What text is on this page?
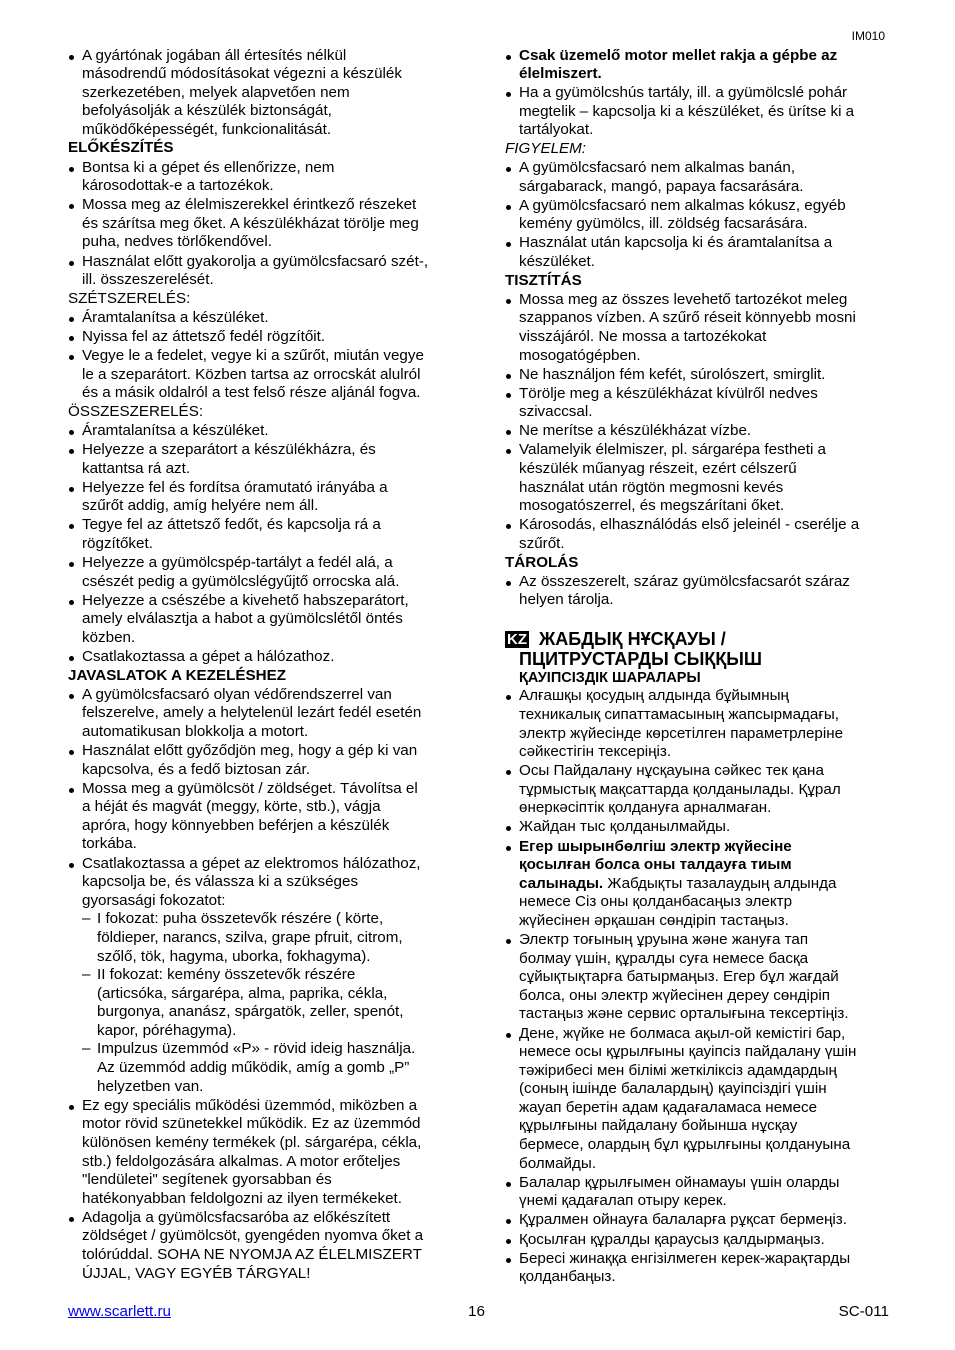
IM010
A gyártónak jogában áll értesítés nélkül
másodrendű módosításokat végezni a készülék
szerkezetében, melyek alapvetően nem
befolyásolják a készülék biztonságát,
működőképességét, funkcionalitását.
ELŐKÉSZÍTÉS
Bontsa ki a gépet és ellenőrizze, nem
károsodottak-e a tartozékok.
Mossa meg az élelmiszerekkel érintkező részeket
és szárítsa meg őket. A készülékházat törölje meg
puha, nedves törlőkendővel.
Használat előtt gyakorolja a gyümölcsfacsaró szét-,
ill. összeszerelését.
SZÉTSZERELÉS:
Áramtalanítsa a készüléket.
Nyissa fel az áttetsző fedél rögzítőit.
Vegye le a fedelet, vegye ki a szűrőt, miután vegye
le a szeparátort. Közben tartsa az orrocskát alulról
és a másik oldalról a test felső része aljánál fogva.
ÖSSZESZERELÉS:
Áramtalanítsa a készüléket.
Helyezze a szeparátort a készülékházra, és
kattantsa rá azt.
Helyezze fel és fordítsa óramutató irányába a
szűrőt addig, amíg helyére nem áll.
Tegye fel az áttetsző fedőt, és kapcsolja rá a
rögzítőket.
Helyezze a gyümölcspép-tartályt a fedél alá, a
csészét pedig a gyümölcslégyűjtő orrocska alá.
Helyezze a csészébe a kivehető habszeparátort,
amely elválasztja a habot a gyümölcslétől öntés
közben.
Csatlakoztassa a gépet a hálózathoz.
JAVASLATOK A KEZELÉSHEZ
A gyümölcsfacsaró olyan védőrendszerrel van
felszerelve, amely a helytelenül lezárt fedél esetén
automatikusan blokkolja a motort.
Használat előtt győződjön meg, hogy a gép ki van
kapcsolva, és a fedő biztosan zár.
Mossa meg a gyümölcsöt / zöldséget. Távolítsa el
a héját és magvát (meggy, körte, stb.), vágja
apróra, hogy könnyebben beférjen a készülék
torkába.
Csatlakoztassa a gépet az elektromos hálózathoz,
kapcsolja be, és válassza ki a szükséges
gyorsasági fokozatot:
– I fokozat: puha összetevők részére ( körte,
földieper, narancs, szilva, grape pfruit, citrom,
szőlő, tök, hagyma, uborka, fokhagyma).
– II fokozat: kemény összetevők részére
(articsóka, sárgarépa, alma, paprika, cékla,
burgonya, ananász, spárgatök, zeller, spenót,
kapor, póréhagyma).
– Impulzus üzemmód «P» - rövid ideig használja.
Az üzemmód addig működik, amíg a gomb „P”
helyzetben van.
Ez egy speciális működési üzemmód, miközben a
motor rövid szünetekkel működik. Ez az üzemmód
különösen kemény termékek (pl. sárgarépa, cékla,
stb.) feldolgozására alkalmas. A motor erőteljes
"lendületei" segítenek gyorsabban és
hatékonyabban feldolgozni az ilyen termékeket.
Adagolja a gyümölcsfacsaróba az előkészített
zöldséget / gyümölcsöt, gyengéden nyomva őket a
tolórúddal. SOHA NE NYOMJA AZ ÉLELMISZERT
ÚJJAL, VAGY EGYÉB TÁRGYAL!
Csak üzemelő motor mellet rakja a gépbe az
élelmiszert.
Ha a gyümölcshús tartály, ill. a gyümölcslé pohár
megtelik – kapcsolja ki a készüléket, és ürítse ki a
tartályokat.
FIGYELEM:
A gyümölcsfacsaró nem alkalmas banán,
sárgabarack, mangó, papaya facsarására.
A gyümölcsfacsaró nem alkalmas kókusz, egyéb
kemény gyümölcs, ill. zöldség facsarására.
Használat után kapcsolja ki és áramtalanítsa a
készüléket.
TISZTÍTÁS
Mossa meg az összes levehető tartozékot meleg
szappanos vízben. A szűrő réseit könnyebb mosni
visszájáról. Ne mossa a tartozékokat
mosogatógépben.
Ne használjon fém kefét, súrolószert, smirglit.
Törölje meg a készülékházat kívülről nedves
szivaccsal.
Ne merítse a készülékházat vízbe.
Valamelyik élelmiszer, pl. sárgarépa festheti a
készülék műanyag részeit, ezért célszerű
használat után rögtön megmosni kevés
mosogatószerrel, és megszárítani őket.
Károsodás, elhasználódás első jeleinél - cserélje a
szűrőt.
TÁROLÁS
Az összeszerelt, száraz gyümölcsfacsarót száraz
helyen tárolja.
KZ ЖАБДЫҚ НҰСҚАУЫ /
ПЦИТРУСТАРДЫ СЫҚҚЫШ
ҚАУІПСІЗДІК ШАРАЛАРЫ
Алғашқы қосудың алдында бұйымның
техникалық сипаттамасының жапсырмадағы,
электр жүйесінде көрсетілген параметрлеріне
сәйкестігін тексеріңіз.
Осы Пайдалану нұсқауына сәйкес тек қана
тұрмыстық мақсаттарда қолданылады. Құрал
өнеркәсіптік қолдануға арналмаған.
Жайдан тыс қолданылмайды.
Егер шырынбөлгіш электр жүйесіне
қосылған болса оны талдауға тиым
салынады. Жабдықты тазалаудың алдында
немесе Сіз оны қолданбасаңыз электр
жүйесінен әрқашан сөндіріп тастаңыз.
Электр тоғының ұруына және жануға тап
болмау үшін, құралды суға немесе басқа
сұйықтықтарға батырмаңыз. Егер бұл жағдай
болса, оны электр жүйесінен дереу сөндіріп
тастаңыз және сервис орталығына тексертіңіз.
Дене, жүйке не болмаса ақыл-ой кемістігі бар,
немесе осы құрылғыны қауіпсіз пайдалану үшін
тәжірибесі мен білімі жеткіліксіз адамдардың
(соның ішінде балалардың) қауіпсіздігі үшін
жауап беретін адам қадағаламаса немесе
құрылғыны пайдалану бойынша нұсқау
бермесе, олардың бұл құрылғыны қолдануына
болмайды.
Балалар құрылғымен ойнамауы үшін оларды
үнемі қадағалап отыру керек.
Құралмен ойнауға балаларға рұқсат бермеңіз.
Қосылған құралды қараусыз қалдырмаңыз.
Бересі жинаққа енгізілмеген керек-жарақтарды
қолданбаңыз.
www.scarlett.ru	16	SC-011
